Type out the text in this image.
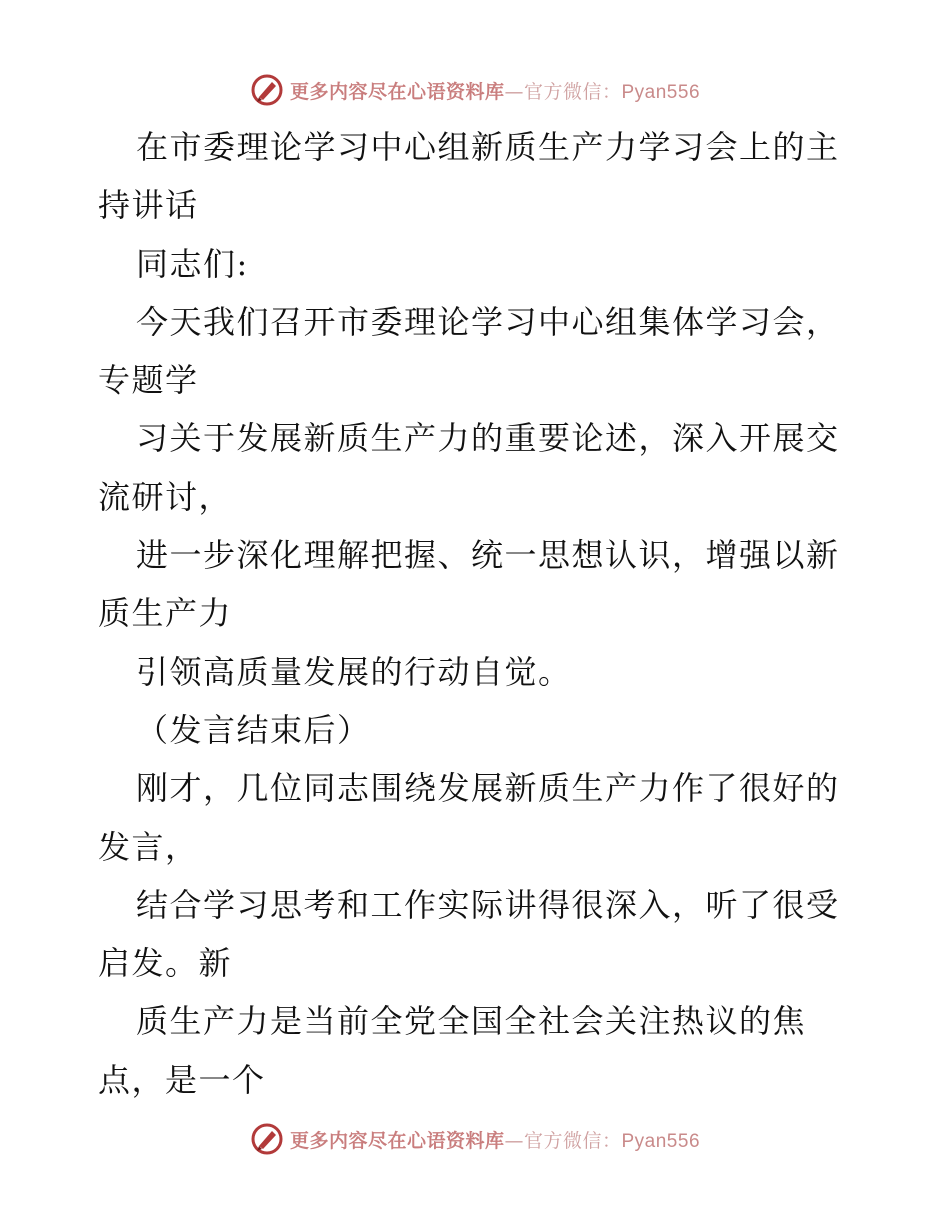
更多内容尽在心语资料库—官方微信：Pyan556
在市委理论学习中心组新质生产力学习会上的主
持讲话
同志们:
今天我们召开市委理论学习中心组集体学习会，
专题学
习关于发展新质生产力的重要论述，深入开展交
流研讨，
进一步深化理解把握、统一思想认识，增强以新
质生产力
引领高质量发展的行动自觉。
（发言结束后）
刚才，几位同志围绕发展新质生产力作了很好的
发言，
结合学习思考和工作实际讲得很深入，听了很受
启发。新
质生产力是当前全党全国全社会关注热议的焦
点，是一个
更多内容尽在心语资料库—官方微信：Pyan556
